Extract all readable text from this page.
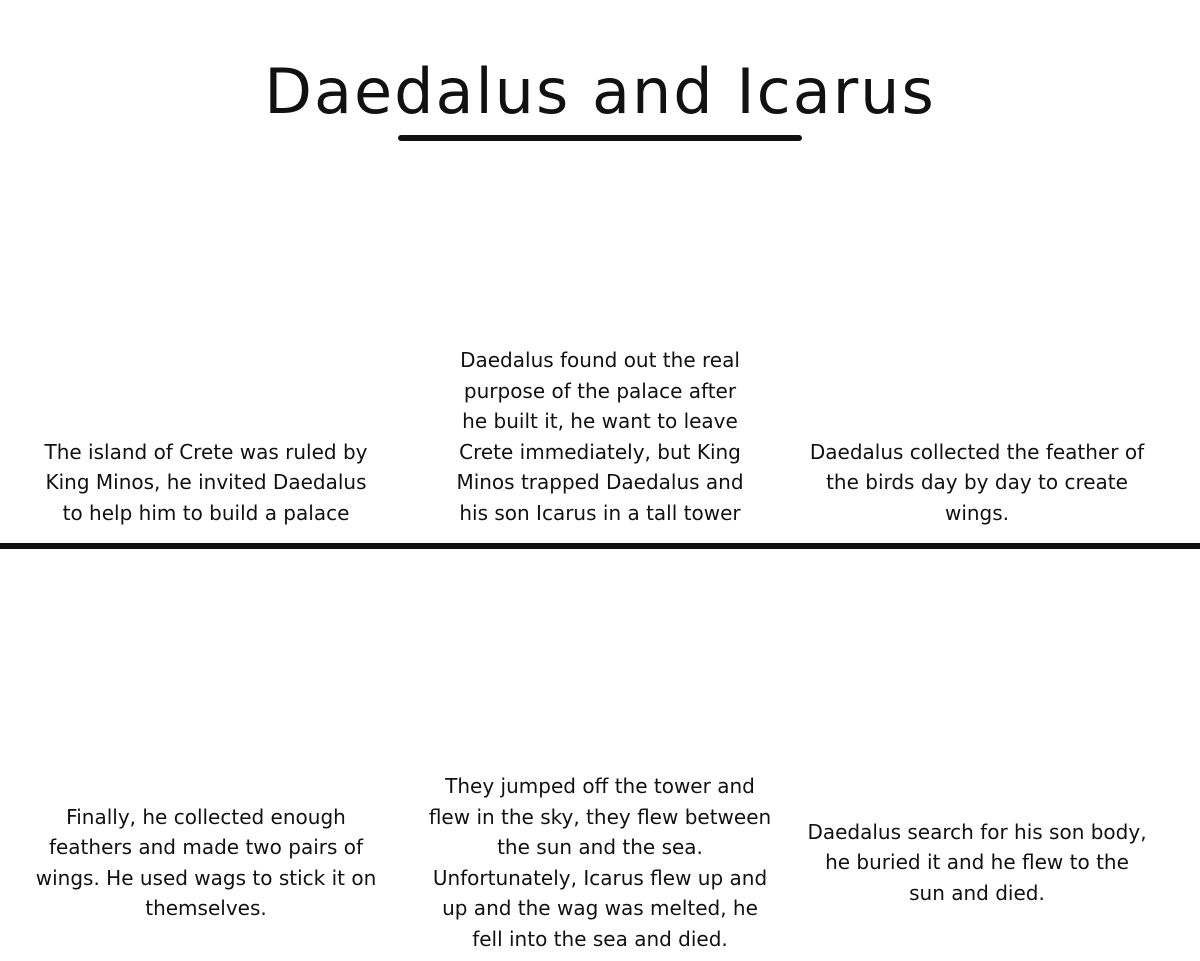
Daedalus and Icarus

The island of Crete was ruled by King Minos, he invited Daedalus to help him to build a palace

Daedalus found out the real purpose of the palace after he built it, he want to leave Crete immediately, but King Minos trapped Daedalus and his son Icarus in a tall tower

Daedalus collected the feather of the birds day by day to create wings.

Finally, he collected enough feathers and made two pairs of wings. He used wags to stick it on themselves.

They jumped off the tower and flew in the sky, they flew between the sun and the sea. Unfortunately, Icarus flew up and up and the wag was melted, he fell into the sea and died.

Daedalus search for his son body, he buried it and he flew to the sun and died.
